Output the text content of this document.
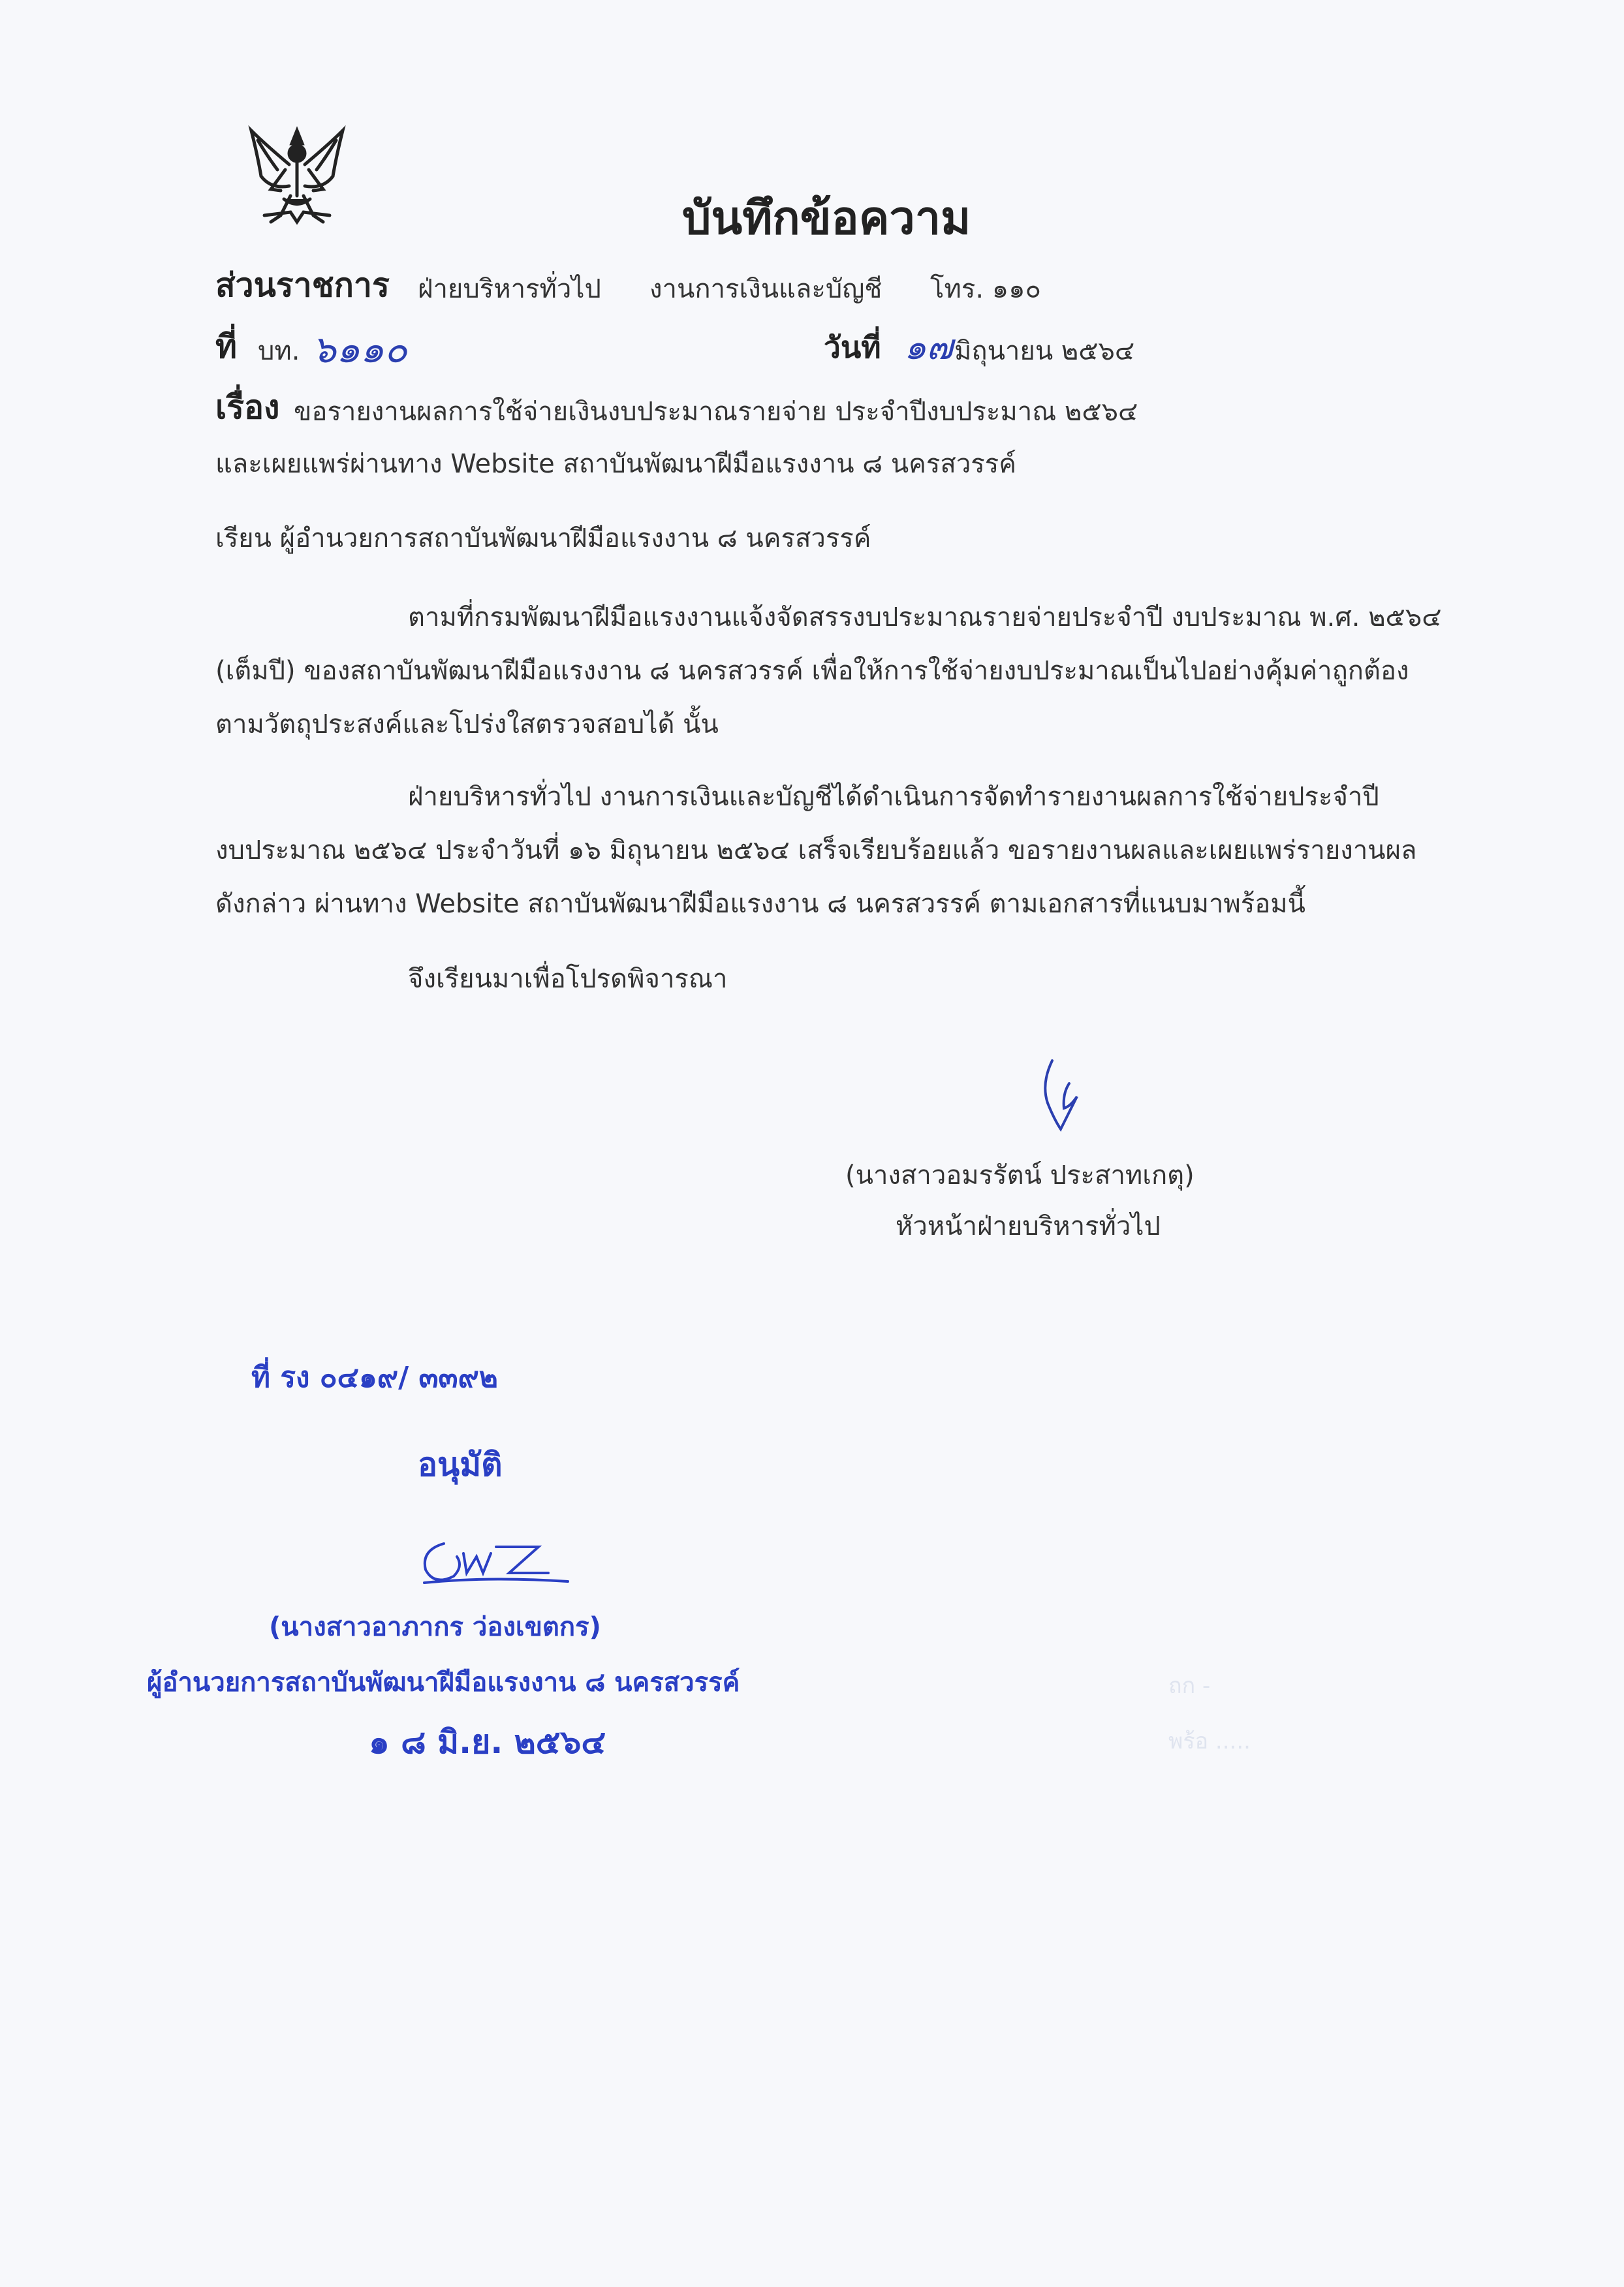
บันทึกข้อความ
ส่วนราชการ ฝ่ายบริหารทั่วไป งานการเงินและบัญชี โทร. ๑๑๐
ที่ บท. ๖๑๑๐	วันที่ ๑๗ มิถุนายน ๒๕๖๔
เรื่อง ขอรายงานผลการใช้จ่ายเงินงบประมาณรายจ่าย ประจำปีงบประมาณ ๒๕๖๔
และเผยแพร่ผ่านทาง Website สถาบันพัฒนาฝีมือแรงงาน ๘ นครสวรรค์
เรียน ผู้อำนวยการสถาบันพัฒนาฝีมือแรงงาน ๘ นครสวรรค์
ตามที่กรมพัฒนาฝีมือแรงงานแจ้งจัดสรรงบประมาณรายจ่ายประจำปี งบประมาณ พ.ศ. ๒๕๖๔
(เต็มปี) ของสถาบันพัฒนาฝีมือแรงงาน ๘ นครสวรรค์ เพื่อให้การใช้จ่ายงบประมาณเป็นไปอย่างคุ้มค่าถูกต้อง
ตามวัตถุประสงค์และโปร่งใสตรวจสอบได้ นั้น
ฝ่ายบริหารทั่วไป งานการเงินและบัญชีได้ดำเนินการจัดทำรายงานผลการใช้จ่ายประจำปี
งบประมาณ ๒๕๖๔ ประจำวันที่ ๑๖ มิถุนายน ๒๕๖๔ เสร็จเรียบร้อยแล้ว ขอรายงานผลและเผยแพร่รายงานผล
ดังกล่าว ผ่านทาง Website สถาบันพัฒนาฝีมือแรงงาน ๘ นครสวรรค์ ตามเอกสารที่แนบมาพร้อมนี้
จึงเรียนมาเพื่อโปรดพิจารณา
(นางสาวอมรรัตน์ ประสาทเกตุ)
หัวหน้าฝ่ายบริหารทั่วไป
ที่ รง ๐๔๑๙/ ๓๓๙๒
อนุมัติ
(นางสาวอาภากร ว่องเขตกร)
ผู้อำนวยการสถาบันพัฒนาฝีมือแรงงาน ๘ นครสวรรค์
๑ ๘ มิ.ย. ๒๕๖๔
ถก -
พร้อ .....
